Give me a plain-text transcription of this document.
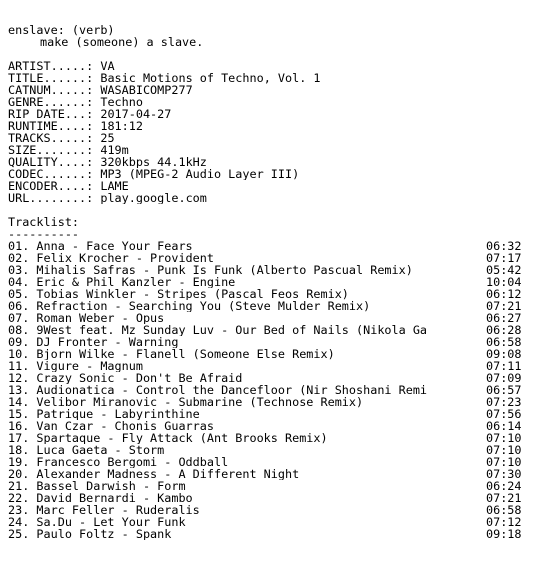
enslave: (verb)
make (someone) a slave.
ARTIST.....: VA
TITLE......: Basic Motions of Techno, Vol. 1
CATNUM.....: WASABICOMP277
GENRE......: Techno
RIP DATE...: 2017-04-27
RUNTIME....: 181:12
TRACKS.....: 25
SIZE.......: 419m
QUALITY....: 320kbps 44.1kHz
CODEC......: MP3 (MPEG-2 Audio Layer III)
ENCODER....: LAME
URL........: play.google.com
Tracklist:
----------
01. Anna - Face Your Fears	06:32
02. Felix Krocher - Provident	07:17
03. Mihalis Safras - Punk Is Funk (Alberto Pascual Remix)	05:42
04. Eric & Phil Kanzler - Engine	10:04
05. Tobias Winkler - Stripes (Pascal Feos Remix)	06:12
06. Refraction - Searching You (Steve Mulder Remix)	07:21
07. Roman Weber - Opus	06:27
08. 9West feat. Mz Sunday Luv - Our Bed of Nails (Nikola Ga	06:28
09. DJ Fronter - Warning	06:58
10. Bjorn Wilke - Flanell (Someone Else Remix)	09:08
11. Vigure - Magnum	07:11
12. Crazy Sonic - Don't Be Afraid	07:09
13. Audionatica - Control the Dancefloor (Nir Shoshani Remi	06:57
14. Velibor Miranovic - Submarine (Technose Remix)	07:23
15. Patrique - Labyrinthine	07:56
16. Van Czar - Chonis Guarras	06:14
17. Spartaque - Fly Attack (Ant Brooks Remix)	07:10
18. Luca Gaeta - Storm	07:10
19. Francesco Bergomi - Oddball	07:10
20. Alexander Madness - A Different Night	07:30
21. Bassel Darwish - Form	06:24
22. David Bernardi - Kambo	07:21
23. Marc Feller - Ruderalis	06:58
24. Sa.Du - Let Your Funk	07:12
25. Paulo Foltz - Spank	09:18
